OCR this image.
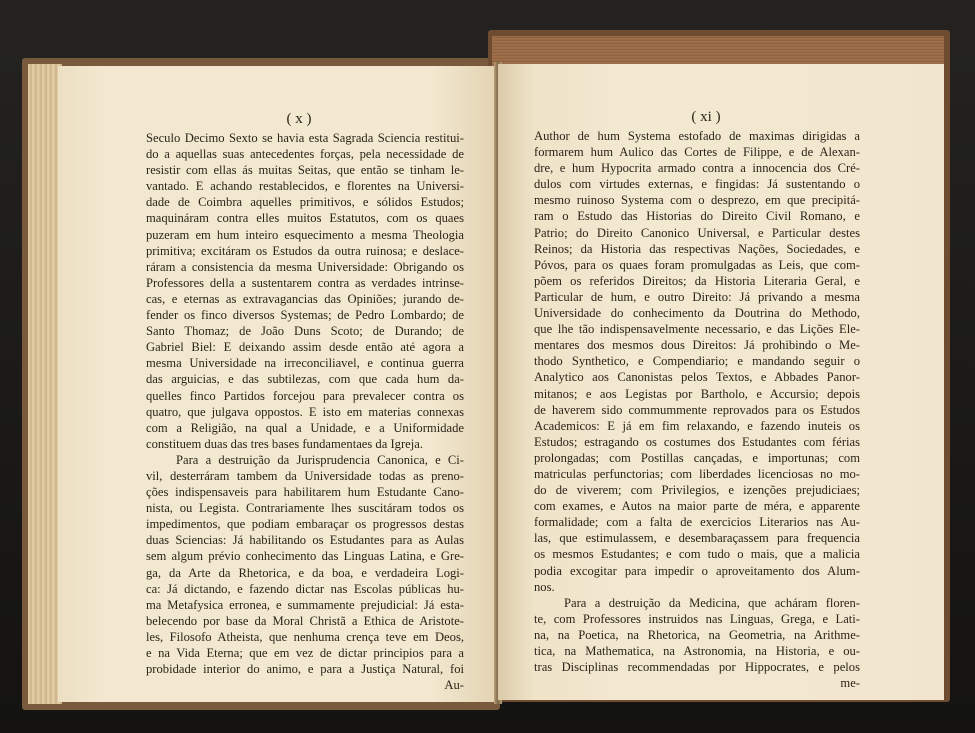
( x )
Seculo Decimo Sexto se havia esta Sagrada Sciencia restitui-
do a aquellas suas antecedentes forças, pela necessidade de
resistir com ellas ás muitas Seitas, que então se tinham le-
vantado. E achando restablecidos, e florentes na Universi-
dade de Coimbra aquelles primitivos, e sólidos Estudos;
maquináram contra elles muitos Estatutos, com os quaes
puzeram em hum inteiro esquecimento a mesma Theologia
primitiva; excitáram os Estudos da outra ruinosa; e deslace-
ráram a consistencia da mesma Universidade: Obrigando os
Professores della a sustentarem contra as verdades intrinse-
cas, e eternas as extravagancias das Opiniões; jurando de-
fender os finco diversos Systemas; de Pedro Lombardo; de
Santo Thomaz; de João Duns Scoto; de Durando; de
Gabriel Biel: E deixando assim desde então até agora a
mesma Universidade na irreconciliavel, e continua guerra
das arguicias, e das subtilezas, com que cada hum da-
quelles finco Partidos forcejou para prevalecer contra os
quatro, que julgava oppostos. E isto em materias connexas
com a Religião, na qual a Unidade, e a Uniformidade
constituem duas das tres bases fundamentaes da Igreja.
Para a destruição da Jurisprudencia Canonica, e Ci-
vil, desterráram tambem da Universidade todas as preno-
ções indispensaveis para habilitarem hum Estudante Cano-
nista, ou Legista. Contrariamente lhes suscitáram todos os
impedimentos, que podiam embaraçar os progressos destas
duas Sciencias: Já habilitando os Estudantes para as Aulas
sem algum prévio conhecimento das Linguas Latina, e Gre-
ga, da Arte da Rhetorica, e da boa, e verdadeira Logi-
ca: Já dictando, e fazendo dictar nas Escolas públicas hu-
ma Metafysica erronea, e summamente prejudicial: Já esta-
belecendo por base da Moral Christã a Ethica de Aristote-
les, Filosofo Atheista, que nenhuma crença teve em Deos,
e na Vida Eterna; que em vez de dictar principios para a
probidade interior do animo, e para a Justiça Natural, foi
Au-
( xi )
Author de hum Systema estofado de maximas dirigidas a
formarem hum Aulico das Cortes de Filippe, e de Alexan-
dre, e hum Hypocrita armado contra a innocencia dos Cré-
dulos com virtudes externas, e fingidas: Já sustentando o
mesmo ruinoso Systema com o desprezo, em que precipitá-
ram o Estudo das Historias do Direito Civil Romano, e
Patrio; do Direito Canonico Universal, e Particular destes
Reinos; da Historia das respectivas Nações, Sociedades, e
Póvos, para os quaes foram promulgadas as Leis, que com-
põem os referidos Direitos; da Historia Literaria Geral, e
Particular de hum, e outro Direito: Já privando a mesma
Universidade do conhecimento da Doutrina do Methodo,
que lhe tão indispensavelmente necessario, e das Lições Ele-
mentares dos mesmos dous Direitos: Já prohibindo o Me-
thodo Synthetico, e Compendiario; e mandando seguir o
Analytico aos Canonistas pelos Textos, e Abbades Panor-
mitanos; e aos Legistas por Bartholo, e Accursio; depois
de haverem sido commummente reprovados para os Estudos
Academicos: E já em fim relaxando, e fazendo inuteis os
Estudos; estragando os costumes dos Estudantes com férias
prolongadas; com Postillas cançadas, e importunas; com
matriculas perfunctorias; com liberdades licenciosas no mo-
do de viverem; com Privilegios, e izenções prejudiciaes;
com exames, e Autos na maior parte de méra, e apparente
formalidade; com a falta de exercicios Literarios nas Au-
las, que estimulassem, e desembaraçassem para frequencia
os mesmos Estudantes; e com tudo o mais, que a malicia
podia excogitar para impedir o aproveitamento dos Alum-
nos.
Para a destruição da Medicina, que acháram floren-
te, com Professores instruidos nas Linguas, Grega, e Lati-
na, na Poetica, na Rhetorica, na Geometria, na Arithme-
tica, na Mathematica, na Astronomia, na Historia, e ou-
tras Disciplinas recommendadas por Hippocrates, e pelos
me-
